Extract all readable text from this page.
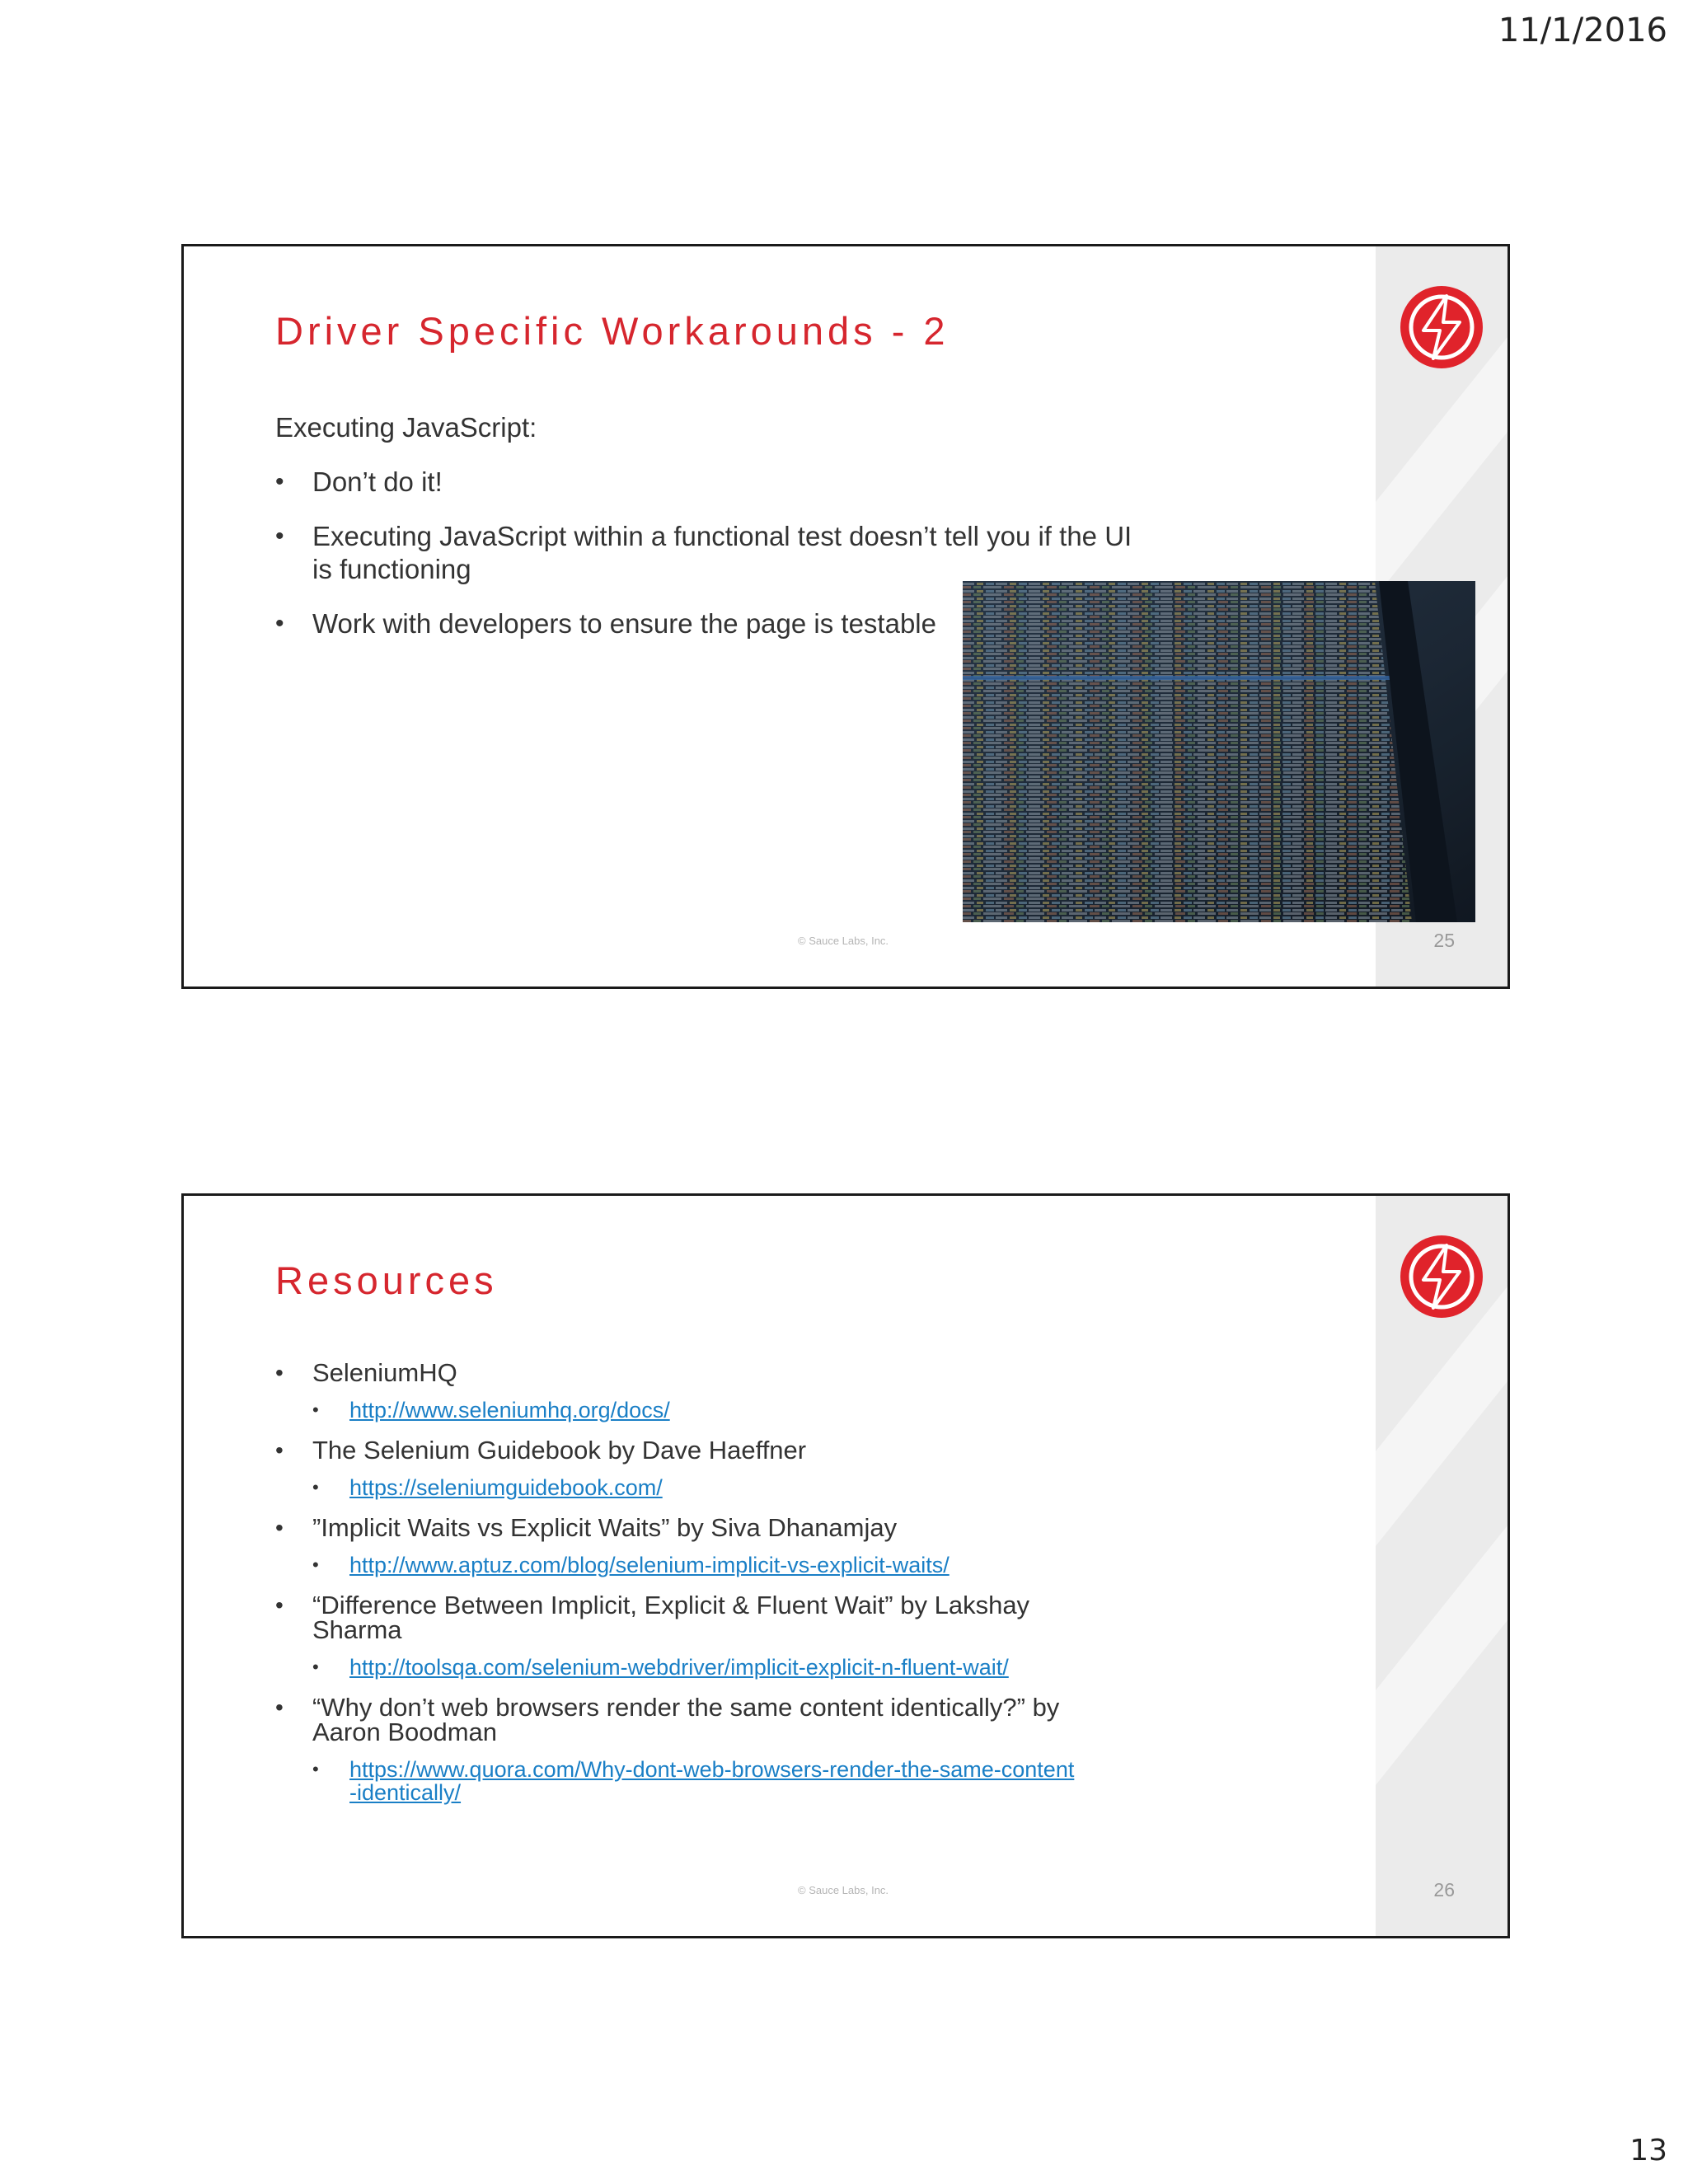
11/1/2016
Driver Specific Workarounds - 2

Executing JavaScript:

• Don’t do it!
• Executing JavaScript within a functional test doesn’t tell you if the UI is functioning
• Work with developers to ensure the page is testable
© Sauce Labs, Inc.	25
Resources
• SeleniumHQ
• http://www.seleniumhq.org/docs/
• The Selenium Guidebook by Dave Haeffner
• https://seleniumguidebook.com/
• ”Implicit Waits vs Explicit Waits” by Siva Dhanamjay
• http://www.aptuz.com/blog/selenium-implicit-vs-explicit-waits/
• “Difference Between Implicit, Explicit & Fluent Wait” by Lakshay Sharma
• http://toolsqa.com/selenium-webdriver/implicit-explicit-n-fluent-wait/
• “Why don’t web browsers render the same content identically?” by Aaron Boodman
• https://www.quora.com/Why-dont-web-browsers-render-the-same-content-identically/
© Sauce Labs, Inc.	26
13
